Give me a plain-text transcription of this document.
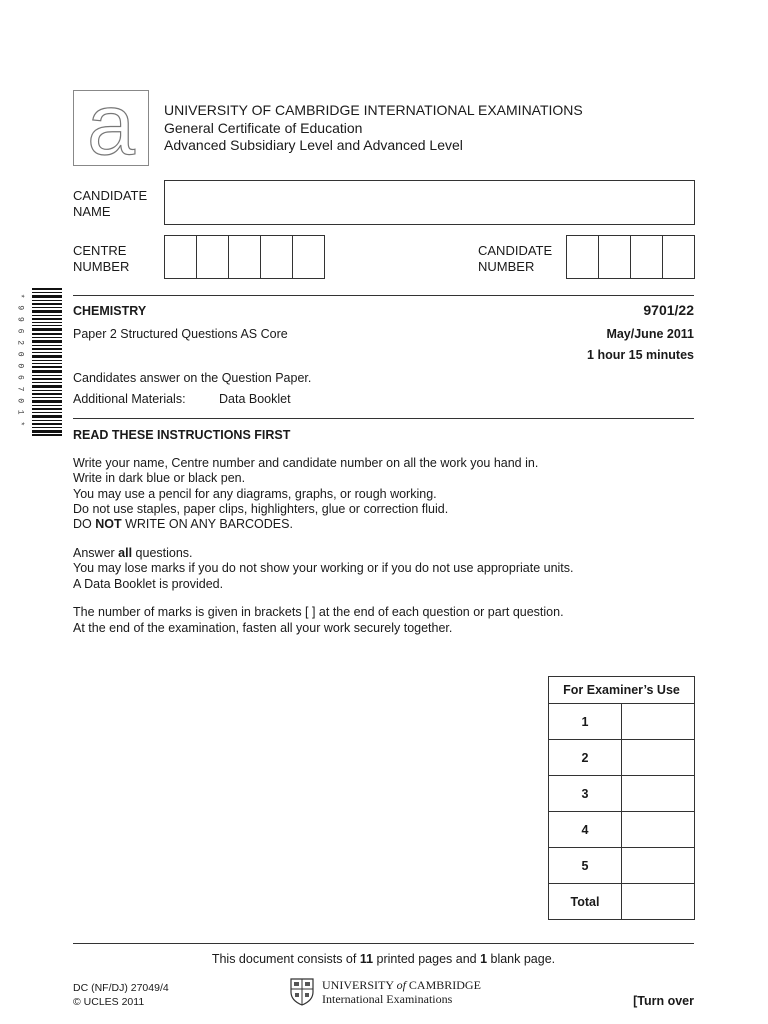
a	UNIVERSITY OF CAMBRIDGE INTERNATIONAL EXAMINATIONS
General Certificate of Education
Advanced Subsidiary Level and Advanced Level
CANDIDATE
NAME
CENTRE
NUMBER
CANDIDATE
NUMBER
* 9 9 6 2 0 0 6 7 0 1 *	CHEMISTRY	9701/22
Paper 2 Structured Questions AS Core	May/June 2011
1 hour 15 minutes
Candidates answer on the Question Paper.
Additional Materials:	Data Booklet
READ THESE INSTRUCTIONS FIRST
Write your name, Centre number and candidate number on all the work you hand in.
Write in dark blue or black pen.
You may use a pencil for any diagrams, graphs, or rough working.
Do not use staples, paper clips, highlighters, glue or correction fluid.
DO NOT WRITE ON ANY BARCODES.
Answer all questions.
You may lose marks if you do not show your working or if you do not use appropriate units.
A Data Booklet is provided.
The number of marks is given in brackets [ ] at the end of each question or part question.
At the end of the examination, fasten all your work securely together.
For Examiner’s Use	
1	
2	
3	
4	
5	
Total	
This document consists of 11 printed pages and 1 blank page.
DC (NF/DJ) 27049/4
© UCLES 2011
UNIVERSITY of CAMBRIDGE
International Examinations	[Turn over
